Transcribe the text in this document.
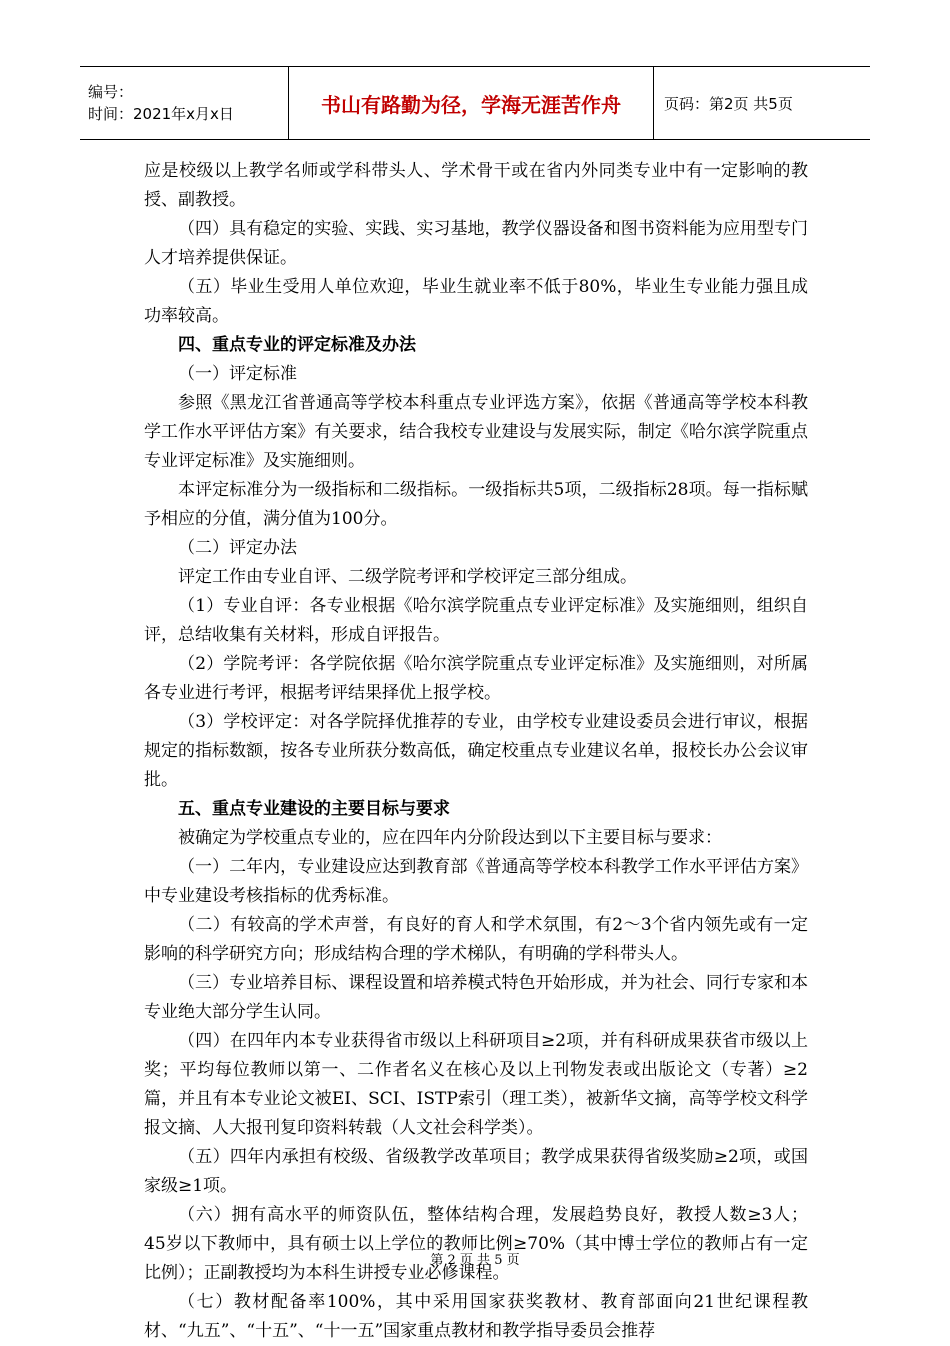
编号：
时间：2021年x月x日	书山有路勤为径，学海无涯苦作舟	页码：第2页 共5页

应是校级以上教学名师或学科带头人、学术骨干或在省内外同类专业中有一定影响的教授、副教授。

（四）具有稳定的实验、实践、实习基地，教学仪器设备和图书资料能为应用型专门人才培养提供保证。

（五）毕业生受用人单位欢迎，毕业生就业率不低于80%，毕业生专业能力强且成功率较高。

四、重点专业的评定标准及办法

（一）评定标准

参照《黑龙江省普通高等学校本科重点专业评选方案》，依据《普通高等学校本科教学工作水平评估方案》有关要求，结合我校专业建设与发展实际，制定《哈尔滨学院重点专业评定标准》及实施细则。

本评定标准分为一级指标和二级指标。一级指标共5项，二级指标28项。每一指标赋予相应的分值，满分值为100分。

（二）评定办法

评定工作由专业自评、二级学院考评和学校评定三部分组成。

（1）专业自评：各专业根据《哈尔滨学院重点专业评定标准》及实施细则，组织自评，总结收集有关材料，形成自评报告。

（2）学院考评：各学院依据《哈尔滨学院重点专业评定标准》及实施细则，对所属各专业进行考评，根据考评结果择优上报学校。

（3）学校评定：对各学院择优推荐的专业，由学校专业建设委员会进行审议，根据规定的指标数额，按各专业所获分数高低，确定校重点专业建议名单，报校长办公会议审批。

五、重点专业建设的主要目标与要求

被确定为学校重点专业的，应在四年内分阶段达到以下主要目标与要求：

（一）二年内，专业建设应达到教育部《普通高等学校本科教学工作水平评估方案》中专业建设考核指标的优秀标准。

（二）有较高的学术声誉，有良好的育人和学术氛围，有2～3个省内领先或有一定影响的科学研究方向；形成结构合理的学术梯队，有明确的学科带头人。

（三）专业培养目标、课程设置和培养模式特色开始形成，并为社会、同行专家和本专业绝大部分学生认同。

（四）在四年内本专业获得省市级以上科研项目≥2项，并有科研成果获省市级以上奖；平均每位教师以第一、二作者名义在核心及以上刊物发表或出版论文（专著）≥2篇，并且有本专业论文被EI、SCI、ISTP索引（理工类），被新华文摘，高等学校文科学报文摘、人大报刊复印资料转载（人文社会科学类）。

（五）四年内承担有校级、省级教学改革项目；教学成果获得省级奖励≥2项，或国家级≥1项。

（六）拥有高水平的师资队伍，整体结构合理，发展趋势良好，教授人数≥3人； 45岁以下教师中，具有硕士以上学位的教师比例≥70%（其中博士学位的教师占有一定比例）；正副教授均为本科生讲授专业必修课程。

（七）教材配备率100%，其中采用国家获奖教材、教育部面向21世纪课程教材、“九五”、“十五”、“十一五”国家重点教材和教学指导委员会推荐

第 2 页 共 5 页
